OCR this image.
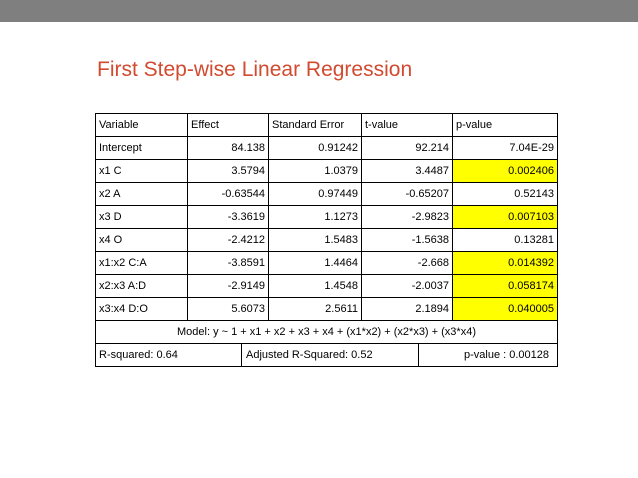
First Step-wise Linear Regression
Variable	Effect	Standard Error	t-value	p-value
Intercept	84.138	0.91242	92.214	7.04E-29
x1 C	3.5794	1.0379	3.4487	0.002406
x2 A	-0.63544	0.97449	-0.65207	0.52143
x3 D	-3.3619	1.1273	-2.9823	0.007103
x4 O	-2.4212	1.5483	-1.5638	0.13281
x1:x2 C:A	-3.8591	1.4464	-2.668	0.014392
x2:x3 A:D	-2.9149	1.4548	-2.0037	0.058174
x3:x4 D:O	5.6073	2.5611	2.1894	0.040005
Model: y ~ 1 + x1 + x2 + x3 + x4 + (x1*x2) + (x2*x3) + (x3*x4)				

R-squared: 0.64 Adjusted R-Squared: 0.52 p-value : 0.00128				
